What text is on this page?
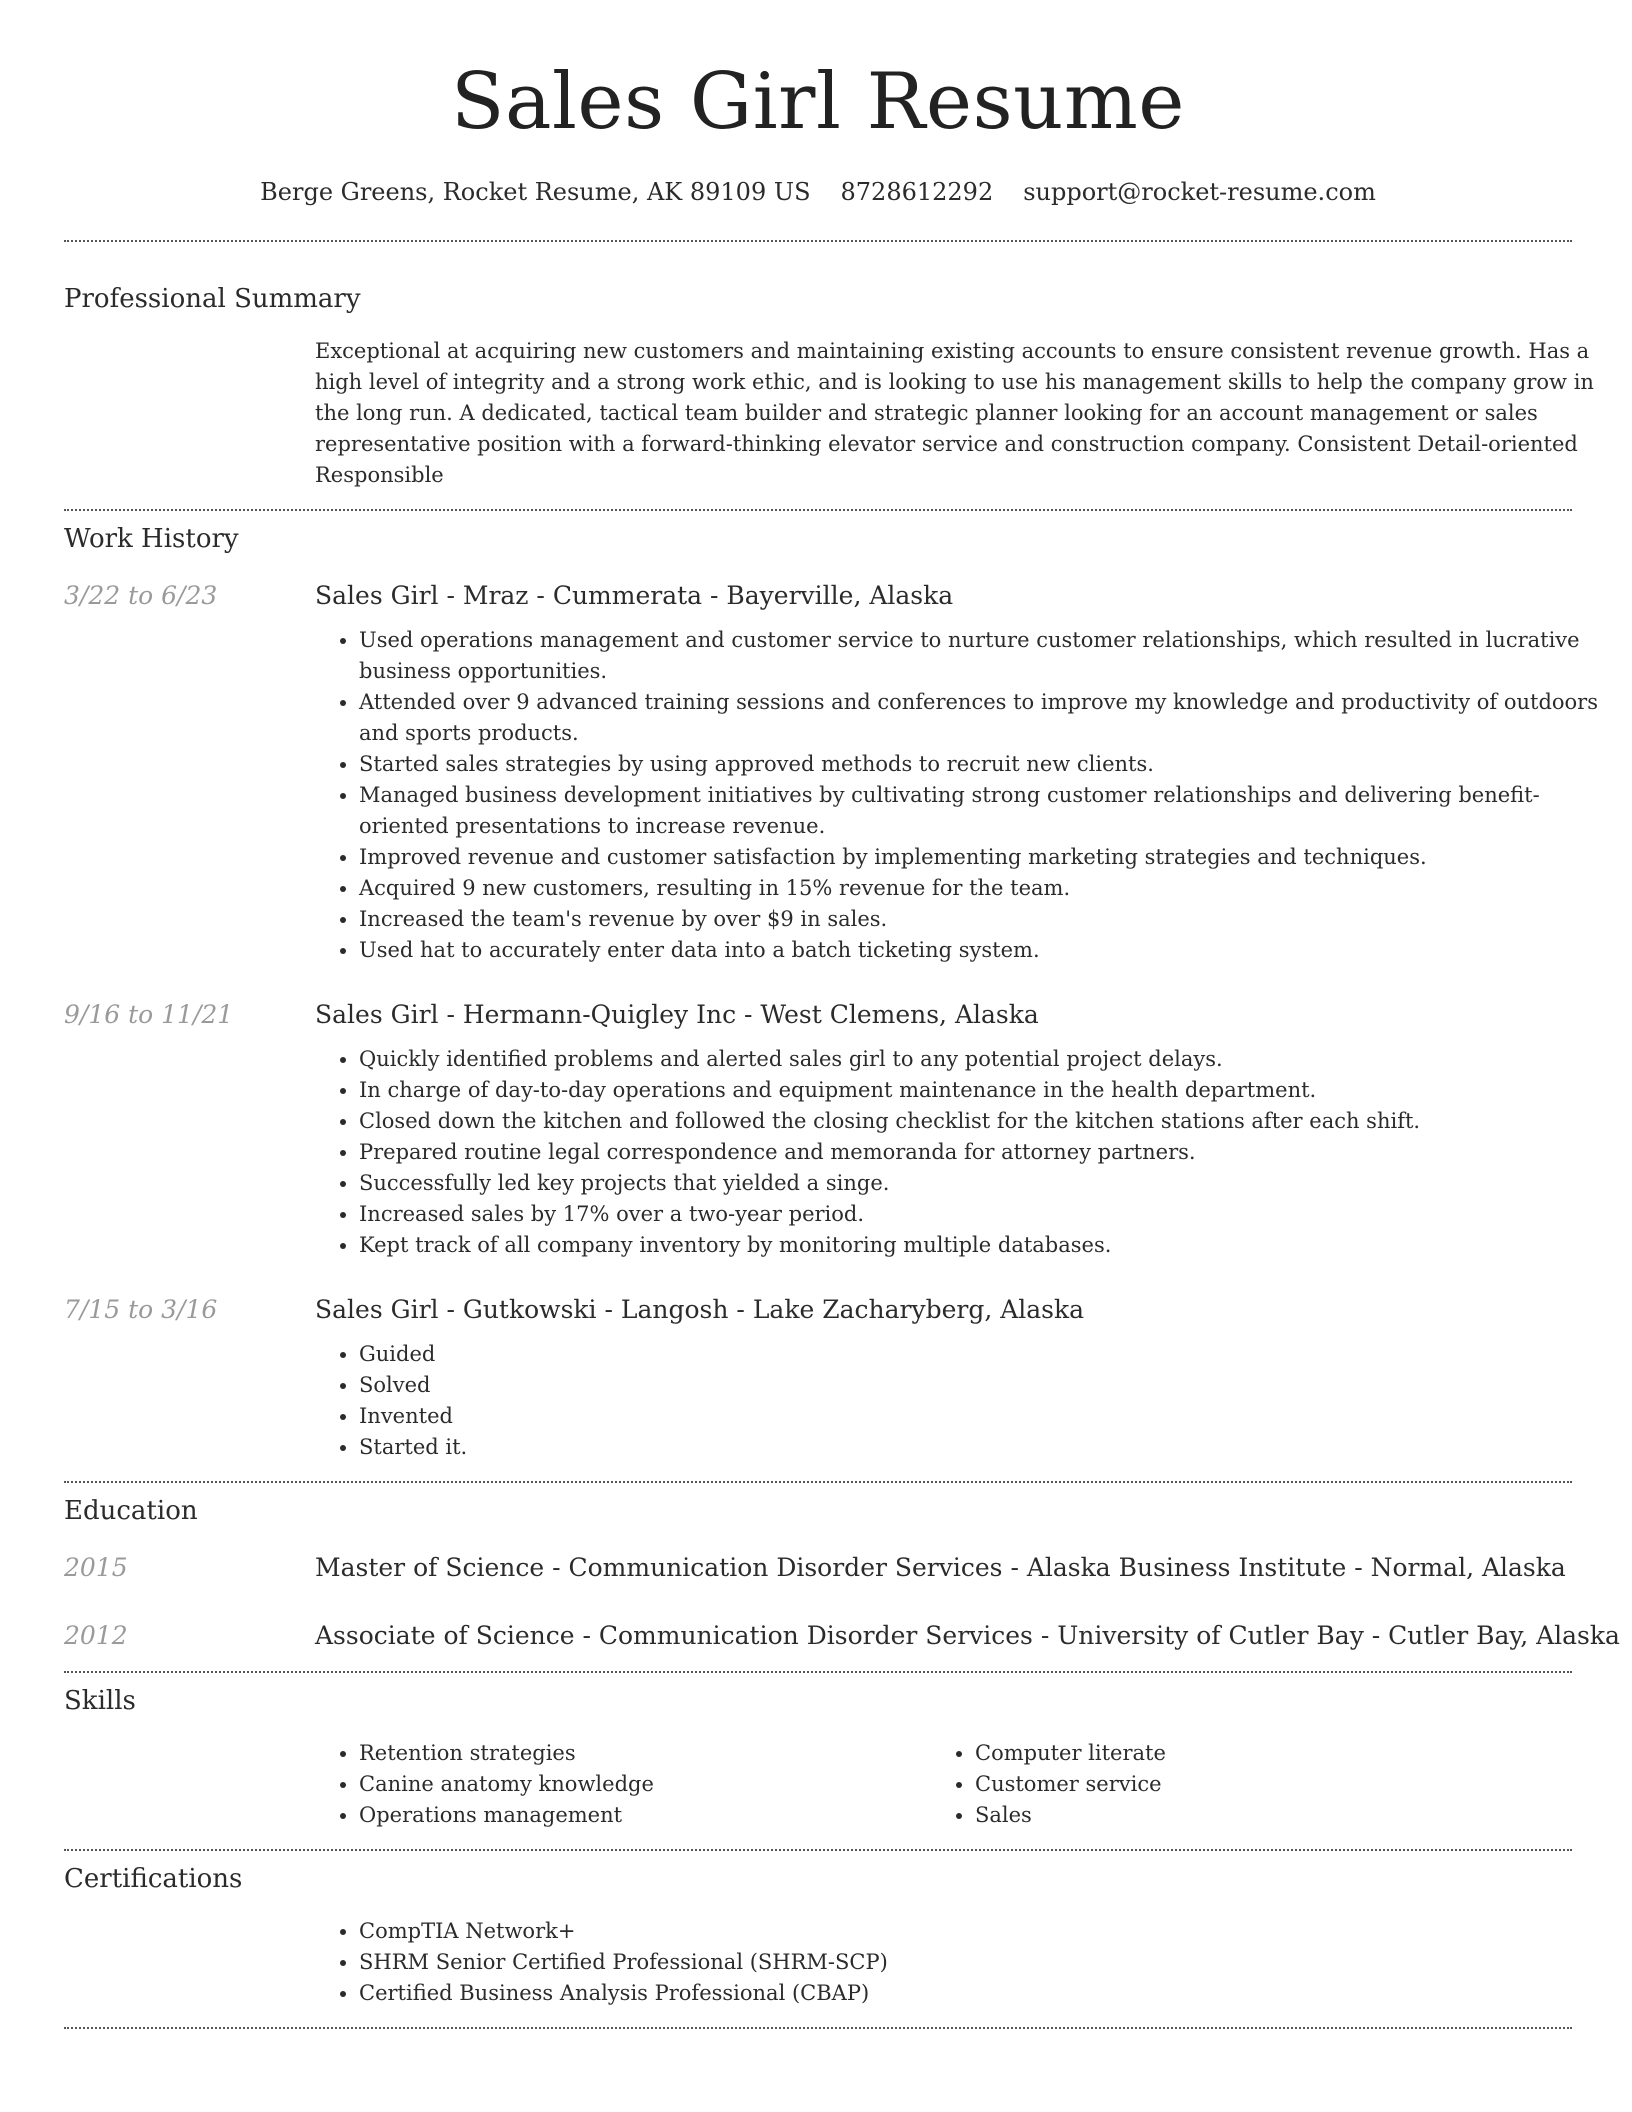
Sales Girl Resume
Berge Greens, Rocket Resume, AK 89109 US 8728612292 support@rocket-resume.com
Professional Summary
Exceptional at acquiring new customers and maintaining existing accounts to ensure consistent revenue growth. Has a high level of integrity and a strong work ethic, and is looking to use his management skills to help the company grow in the long run. A dedicated, tactical team builder and strategic planner looking for an account management or sales representative position with a forward-thinking elevator service and construction company. Consistent Detail-oriented Responsible
Work History
3/22 to 6/23	Sales Girl - Mraz - Cummerata - Bayerville, Alaska
• Used operations management and customer service to nurture customer relationships, which resulted in lucrative business opportunities.
• Attended over 9 advanced training sessions and conferences to improve my knowledge and productivity of outdoors and sports products.
• Started sales strategies by using approved methods to recruit new clients.
• Managed business development initiatives by cultivating strong customer relationships and delivering benefit-oriented presentations to increase revenue.
• Improved revenue and customer satisfaction by implementing marketing strategies and techniques.
• Acquired 9 new customers, resulting in 15% revenue for the team.
• Increased the team's revenue by over $9 in sales.
• Used hat to accurately enter data into a batch ticketing system.
9/16 to 11/21	Sales Girl - Hermann-Quigley Inc - West Clemens, Alaska
• Quickly identified problems and alerted sales girl to any potential project delays.
• In charge of day-to-day operations and equipment maintenance in the health department.
• Closed down the kitchen and followed the closing checklist for the kitchen stations after each shift.
• Prepared routine legal correspondence and memoranda for attorney partners.
• Successfully led key projects that yielded a singe.
• Increased sales by 17% over a two-year period.
• Kept track of all company inventory by monitoring multiple databases.
7/15 to 3/16	Sales Girl - Gutkowski - Langosh - Lake Zacharyberg, Alaska
• Guided
• Solved
• Invented
• Started it.
Education
2015	Master of Science - Communication Disorder Services - Alaska Business Institute - Normal, Alaska
2012	Associate of Science - Communication Disorder Services - University of Cutler Bay - Cutler Bay, Alaska
Skills
• Retention strategies
• Canine anatomy knowledge
• Operations management
• Computer literate
• Customer service
• Sales
Certifications
• CompTIA Network+
• SHRM Senior Certified Professional (SHRM-SCP)
• Certified Business Analysis Professional (CBAP)
